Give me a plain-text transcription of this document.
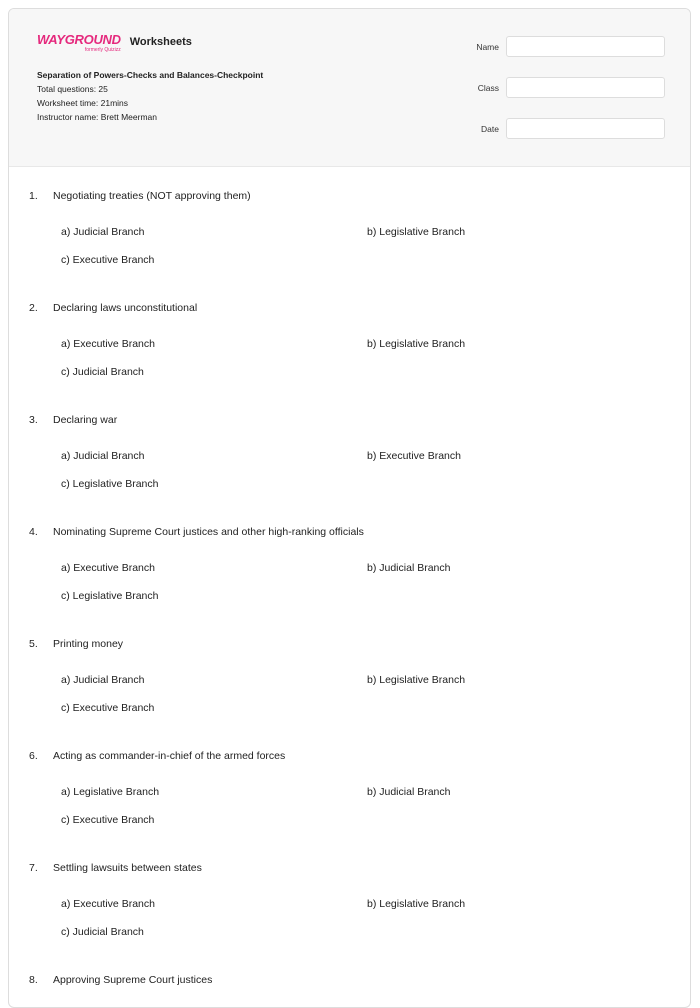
WAYGROUND
formerly Quizizz
Worksheets
Separation of Powers-Checks and Balances-Checkpoint
Total questions: 25
Worksheet time: 21mins
Instructor name: Brett Meerman
Name
Class
Date
1. Negotiating treaties (NOT approving them)
a) Judicial Branch	b) Legislative Branch
c) Executive Branch
2. Declaring laws unconstitutional
a) Executive Branch	b) Legislative Branch
c) Judicial Branch
3. Declaring war
a) Judicial Branch	b) Executive Branch
c) Legislative Branch
4. Nominating Supreme Court justices and other high-ranking officials
a) Executive Branch	b) Judicial Branch
c) Legislative Branch
5. Printing money
a) Judicial Branch	b) Legislative Branch
c) Executive Branch
6. Acting as commander-in-chief of the armed forces
a) Legislative Branch	b) Judicial Branch
c) Executive Branch
7. Settling lawsuits between states
a) Executive Branch	b) Legislative Branch
c) Judicial Branch
8. Approving Supreme Court justices
